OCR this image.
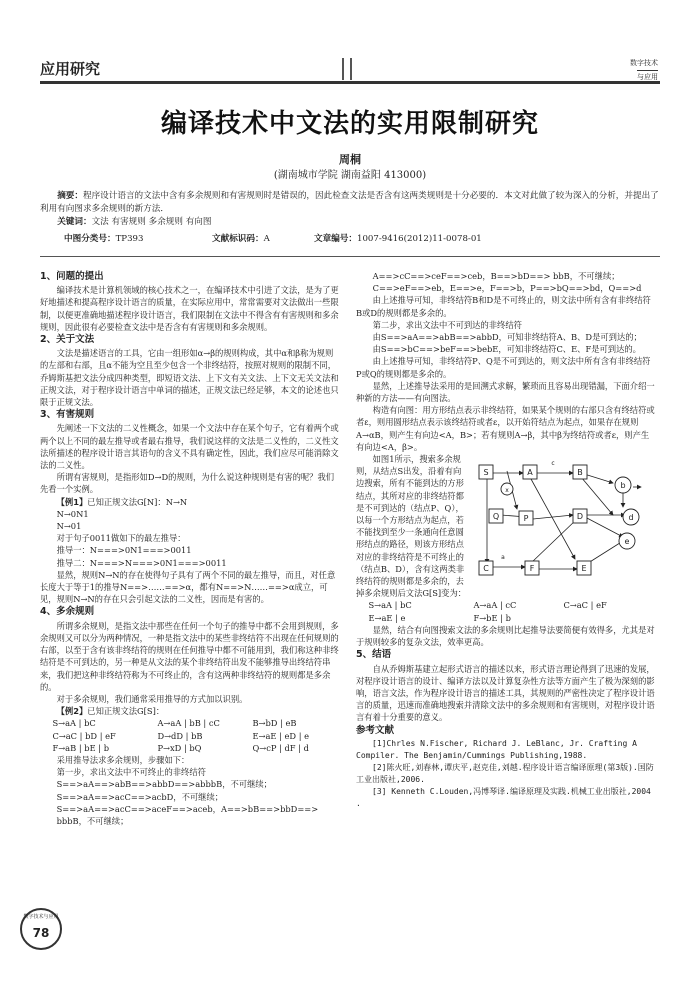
应用研究	数字技术
与应用
编译技术中文法的实用限制研究
周桐
(湖南城市学院 湖南益阳 413000)

摘要：程序设计语言的文法中含有多余规则和有害规则时是错误的，因此检查文法是否含有这两类规则是十分必要的．本文对此做了较为深入的分析，并提出了利用有向图求多余规则的新方法．

关键词：文法 有害规则 多余规则 有向图

中图分类号：TP393	文献标识码：A	文章编号：1007-9416(2012)11-0078-01
1、问题的提出

编译技术是计算机领域的核心技术之一，在编译技术中引进了文法，是为了更好地描述和提高程序设计语言的质量，在实际应用中，常常需要对文法做出一些限制，以便更准确地描述程序设计语言，我们限制在文法中不得含有有害规则和多余规则，因此很有必要检查文法中是否含有有害规则和多余规则。

2、关于文法

文法是描述语言的工具，它由一组形如α→β的规则构成，其中α和β称为规则的左部和右部，且α不能为空且至少包含一个非终结符，按照对规则的限制不同，乔姆斯基把文法分成四种类型，即短语文法、上下文有关文法、上下文无关文法和正规文法，对于程序设计语言中单词的描述，正规文法已经足够，本文的论述也只限于正规文法。

3、有害规则

先阐述一下文法的二义性概念，如果一个文法中存在某个句子，它有着两个或两个以上不同的最左推导或者最右推导，我们说这样的文法是二义性的，二义性文法所描述的程序设计语言其语句的含义不具有确定性，因此，我们应尽可能消除文法的二义性。

所谓有害规则，是指形如D→D的规则，为什么说这种规则是有害的呢？我们先看一个实例。

【例1】已知正规文法G[N]：N→N

N→0N1

N→01

对于句子0011做如下的最左推导：

推导一：N===>0N1===>0011

推导二：N===>N===>0N1===>0011

显然，规则N→N的存在使得句子具有了两个不同的最左推导，而且，对任意长度大于等于1的推导N==>……==>α，都有N==>N……==>α成立，可见，规则N→N的存在只会引起文法的二义性，因而是有害的。

4、多余规则

所谓多余规则，是指文法中那些在任何一个句子的推导中都不会用到规则，多余规则又可以分为两种情况，一种是指文法中的某些非终结符不出现在任何规则的右部，以至于含有该非终结符的规则在任何推导中都不可能用到，我们称这种非终结符是不可到达的，另一种是从文法的某个非终结符出发不能够推导出终结符串来，我们把这种非终结符称为不可终止的，含有这两种非终结符的规则都是多余的。

对于多余规则，我们通常采用推导的方式加以识别。

【例2】已知正规文法G[S]：

S→aA | bC	A→aA | bB | cC	B→bD | eB
C→aC | bD | eF	D→dD | bB	E→aE | eD | e
F→aB | bE | b	P→xD | bQ	Q→cP | dF | d

采用推导法求多余规则，步骤如下：

第一步，求出文法中不可终止的非终结符

S==>aA==>abB==>abbD==>abbbB，不可继续；S==>aA==>acC==>acbD，不可继续；

S==>aA==>acC==>aceF==>aceb，A==>bB==>bbD==> bbbB，不可继续；

A==>cC==>ceF==>ceb，B==>bD==> bbB，不可继续；C==>eF==>eb，E==>e，F==>b，P==>bQ==>bd，Q==>d

由上述推导可知，非终结符B和D是不可终止的，则文法中所有含有非终结符B或D的规则都是多余的。

第二步，求出文法中不可到达的非终结符

由S==>aA==>abB==>abbD，可知非终结符A、B、D是可到达的；

由S==>bC==>beF==>bebE，可知非终结符C、E、F是可到达的。

由上述推导可知，非终结符P、Q是不可到达的，则文法中所有含有非终结符P或Q的规则都是多余的。

显然，上述推导法采用的是回溯式求解，繁琐而且容易出现错漏，下面介绍一种新的方法——有向图法。

构造有向图：用方形结点表示非终结符，如果某个规则的右部只含有终结符或者ε，则用圆形结点表示该终结符或者ε，以开始符结点为起点，如果存在规则A→αB，则产生有向边<A，B>；若有规则A→β，其中β为终结符或者ε，则产生有向边<A，β>。

S	A	B
C
D
E
F
P
Q
b
d
e
x
a
c

如图1所示，搜索多余规则，从结点S出发，沿着有向边搜索，所有不能到达的方形结点，其所对应的非终结符都是不可到达的（结点P、Q），以每一个方形结点为起点，若不能找到至少一条通向任意圆形结点的路径，则该方形结点对应的非终结符是不可终止的（结点B、D），含有这两类非终结符的规则都是多余的，去掉多余规则后文法G[S]变为：

S→aA | bC	A→aA | cC	C→aC | eF
E→aE | e	F→bE | b

显然，结合有向图搜索文法的多余规则比起推导法要简便有效得多，尤其是对于规则较多的复杂文法，效率更高。

5、结语

自从乔姆斯基建立起形式语言的描述以来，形式语言理论得到了迅速的发展，对程序设计语言的设计、编译方法以及计算复杂性方法等方面产生了极为深刻的影响，语言文法，作为程序设计语言的描述工具，其规则的严密性决定了程序设计语言的质量，迅速而准确地搜索并清除文法中的多余规则和有害规则，对程序设计语言有着十分重要的意义。

参考文献

[1]Chrles N.Fischer, Richard J. LeBlanc, Jr. Crafting A Compiler. The Benjamin/Cummings Publishing,1988.

[2]陈火旺,刘春林,谭庆平,赵克佳,刘越.程序设计语言编译原理(第3版).国防工业出版社,2006.

[3] Kenneth C.Louden,冯博琴译.编译原理及实践.机械工业出版社,2004 .

数字技术与应用
78
